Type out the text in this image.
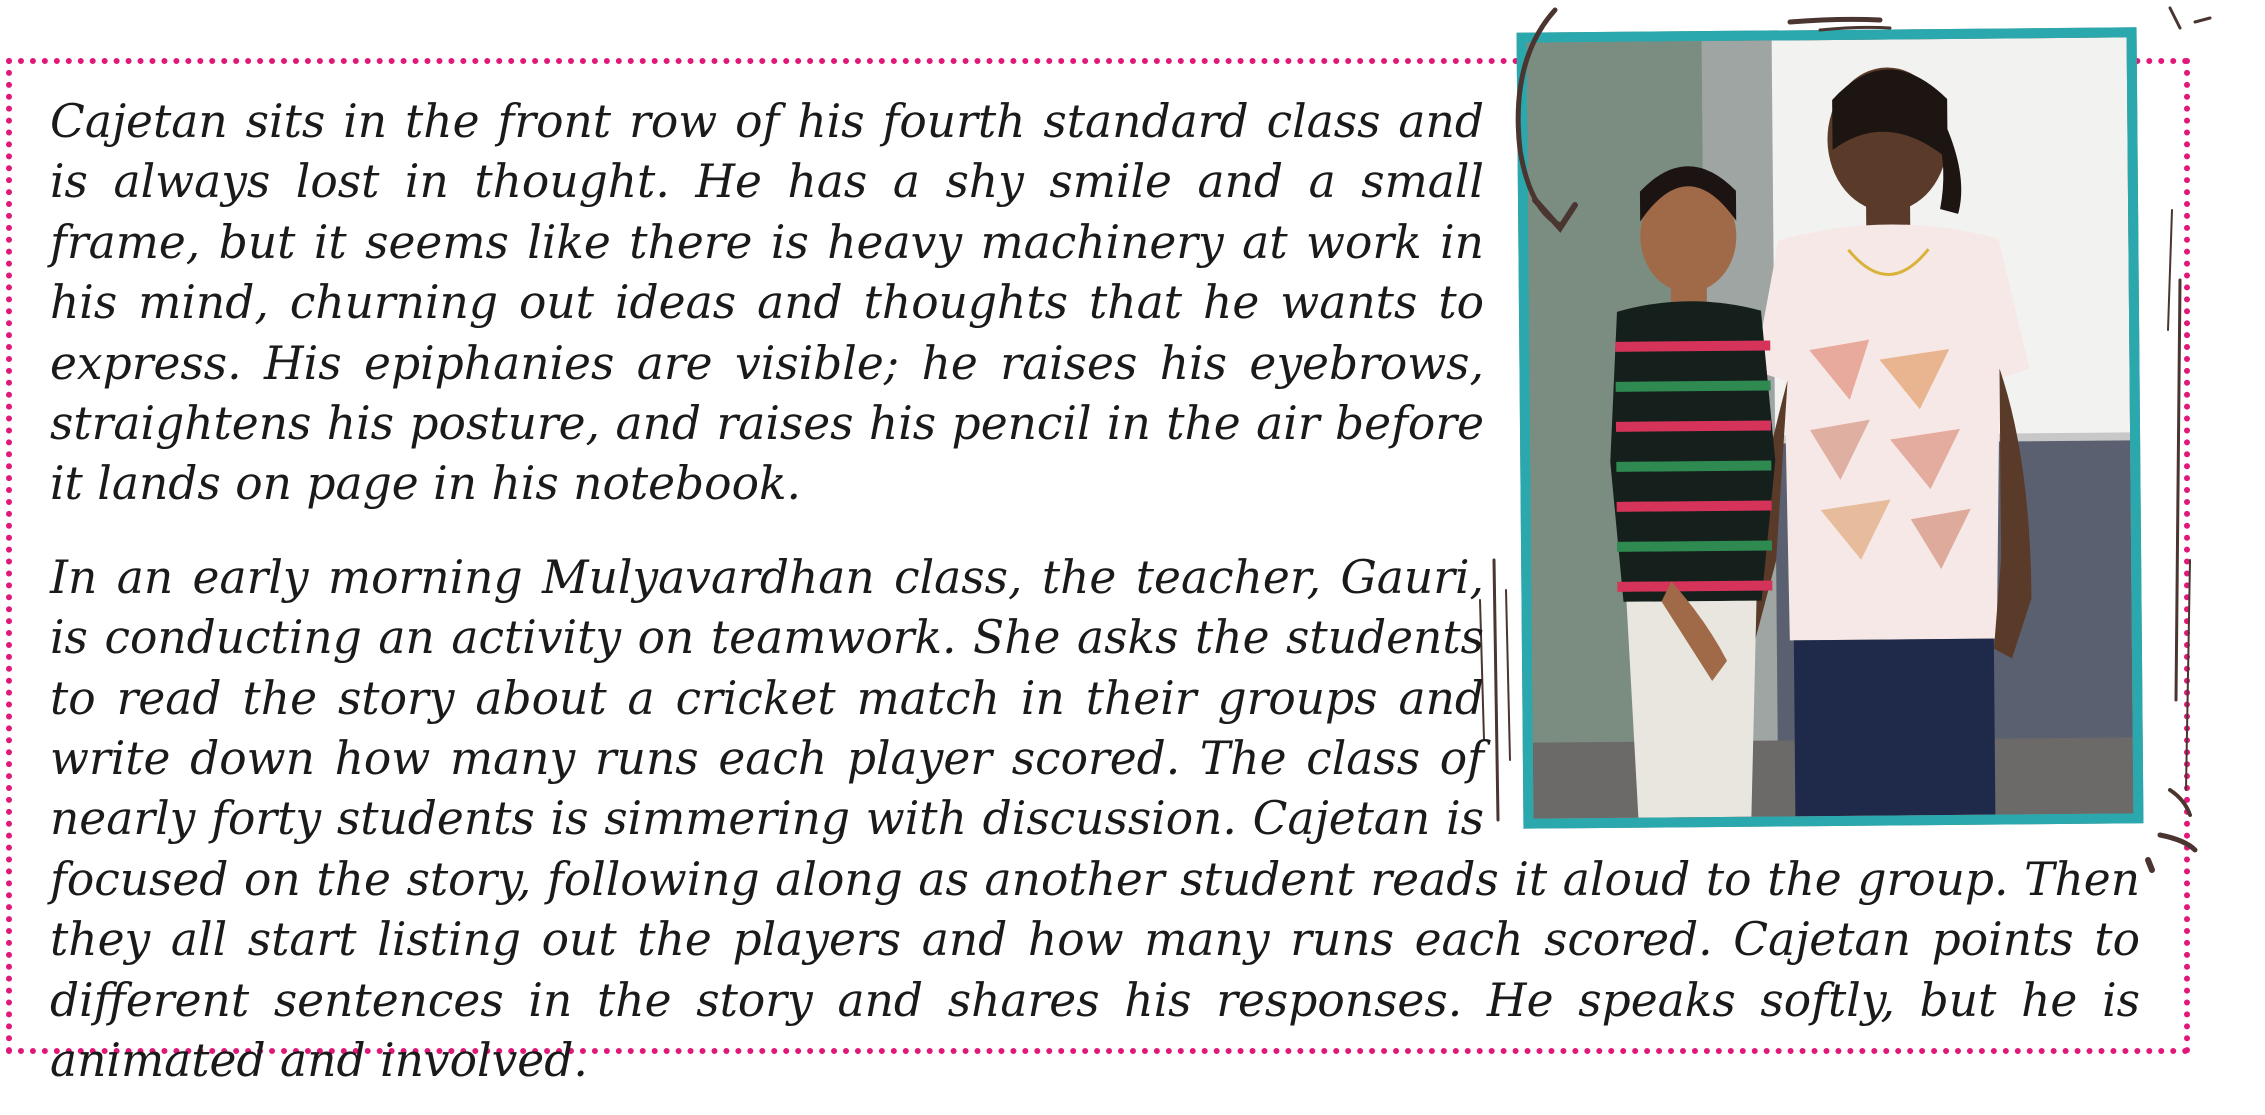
Cajetan sits in the front row of his fourth standard class and is always lost in thought. He has a shy smile and a small frame, but it seems like there is heavy machinery at work in his mind, churning out ideas and thoughts that he wants to express. His epiphanies are visible; he raises his eyebrows, straightens his posture, and raises his pencil in the air before it lands on page in his notebook.

In an early morning Mulyavardhan class, the teacher, Gauri, is conducting an activity on teamwork. She asks the students to read the story about a cricket match in their groups and write down how many runs each player scored. The class of nearly forty students is simmering with discussion. Cajetan is focused on the story, following along as another student reads it aloud to the group. Then they all start listing out the players and how many runs each scored. Cajetan points to different sentences in the story and shares his responses. He speaks softly, but he is animated and involved.
